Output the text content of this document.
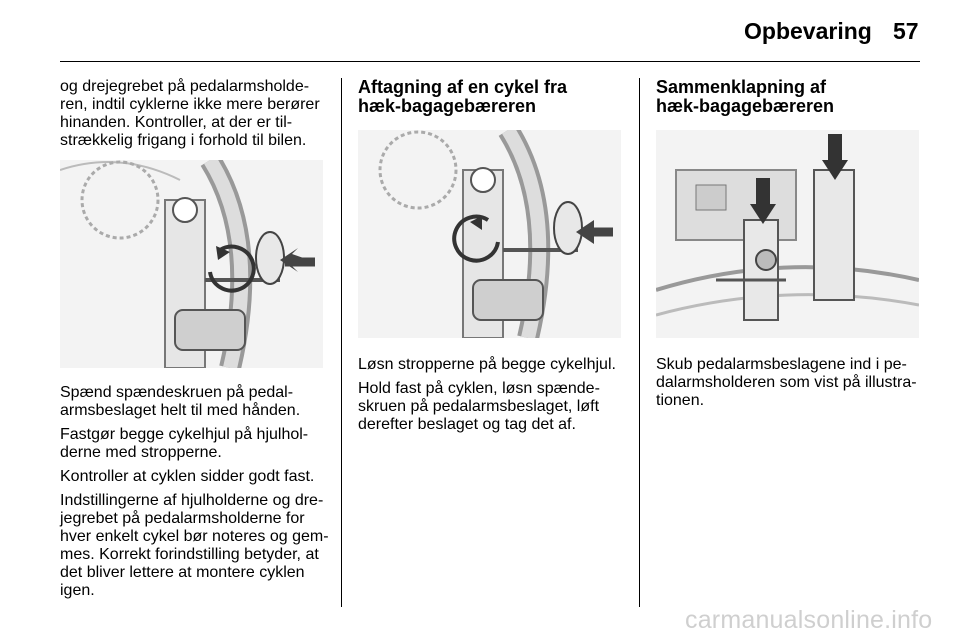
Opbevaring 57
og drejegrebet på pedalarmsholde-
ren, indtil cyklerne ikke mere berører
hinanden. Kontroller, at der er til-
strækkelig frigang i forhold til bilen.

Spænd spændeskruen på pedal-
armsbeslaget helt til med hånden.

Fastgør begge cykelhjul på hjulhol-
derne med stropperne.

Kontroller at cyklen sidder godt fast.

Indstillingerne af hjulholderne og dre-
jegrebet på pedalarmsholderne for
hver enkelt cykel bør noteres og gem-
mes. Korrekt forindstilling betyder, at
det bliver lettere at montere cyklen
igen.

Aftagning af en cykel fra
hæk-bagagebæreren

Løsn stropperne på begge cykelhjul.

Hold fast på cyklen, løsn spænde-
skruen på pedalarmsbeslaget, løft
derefter beslaget og tag det af.

Sammenklapning af
hæk-bagagebæreren

Skub pedalarmsbeslagene ind i pe-
dalarmsholderen som vist på illustra-
tionen.

carmanualsonline.info
